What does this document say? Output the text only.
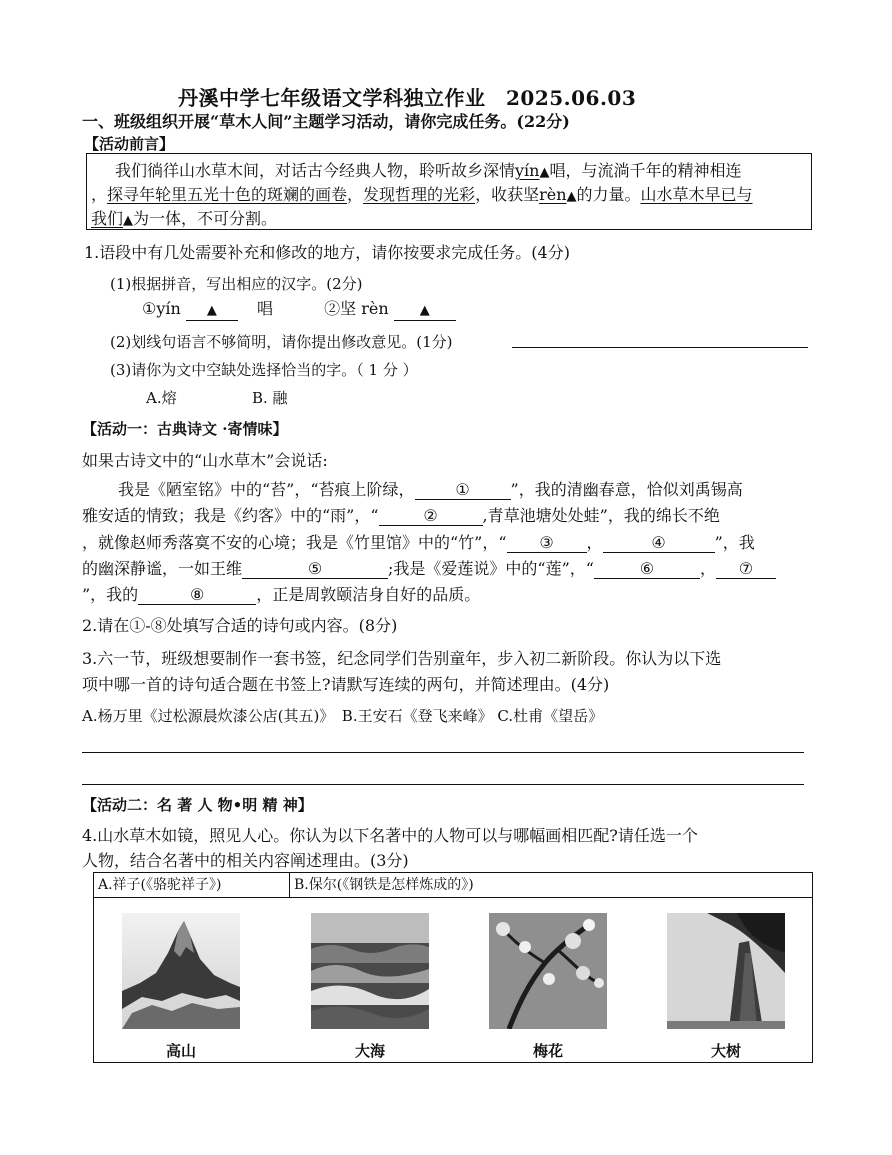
丹溪中学七年级语文学科独立作业　2025.06.03
一、班级组织开展“草木人间”主题学习活动，请你完成任务。(22分)
【活动前言】
我们徜徉山水草木间，对话古今经典人物，聆听故乡深情yín▲唱，与流淌千年的精神相连
，探寻年轮里五光十色的斑斓的画卷，发现哲理的光彩，收获坚rèn▲的力量。山水草木早已与
我们▲为一体，不可分割。
1.语段中有几处需要补充和修改的地方，请你按要求完成任务。(4分)
(1)根据拼音，写出相应的汉字。(2分)
①yín ▲	唱	②坚 rèn ▲
(2)划线句语言不够简明，请你提出修改意见。(1分)
(3)请你为文中空缺处选择恰当的字。（ 1 分 ）
A.熔	B. 融
【活动一：古典诗文 ·寄情味】
如果古诗文中的“山水草木”会说话:
我是《陋室铭》中的“苔”，“苔痕上阶绿，	①	”，我的清幽春意，恰似刘禹锡高
雅安适的情致；我是《约客》中的“雨”，“	②	,青草池塘处处蛙”，我的绵长不绝
，就像赵师秀落寞不安的心境；我是《竹里馆》中的“竹”，“ ③ ，	④	”，我
的幽深静谧，一如王维	⑤	;我是《爱莲说》中的“莲”，“	⑥	， ⑦
”，我的	⑧	，正是周敦颐洁身自好的品质。
2.请在①-⑧处填写合适的诗句或内容。(8分)
3.六一节，班级想要制作一套书签，纪念同学们告别童年，步入初二新阶段。你认为以下选
项中哪一首的诗句适合题在书签上?请默写连续的两句，并简述理由。(4分)
A.杨万里《过松源晨炊漆公店(其五)》　B.王安石《登飞来峰》 C.杜甫《望岳》
【活动二：名 著 人 物•明 精 神】
4.山水草木如镜，照见人心。你认为以下名著中的人物可以与哪幅画相匹配?请任选一个
人物，结合名著中的相关内容阐述理由。(3分)
A.祥子(《骆驼祥子》)	B.保尔(《钢铁是怎样炼成的》)
高山	大海	梅花	大树
